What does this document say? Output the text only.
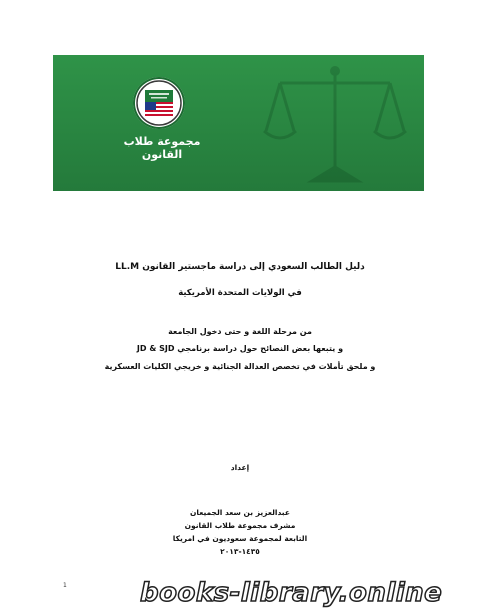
مجموعة طلاب القانون
دليل الطالب السعودي إلى دراسة ماجستير القانون LL.M
في الولايات المتحدة الأمريكية
من مرحلة اللغة و حتى دخول الجامعة
و يتبعها بعض النصائح حول دراسة برنامجي JD & SJD
و ملحق تأملات في تخصص العدالة الجنائية و خريجي الكليات العسكرية
إعداد
عبدالعزيز بن سعد الجميعان
مشرف مجموعة طلاب القانون
التابعة لمجموعة سعوديون في امريكا
١٤٣٥-٢٠١٣
1	books-library.online
